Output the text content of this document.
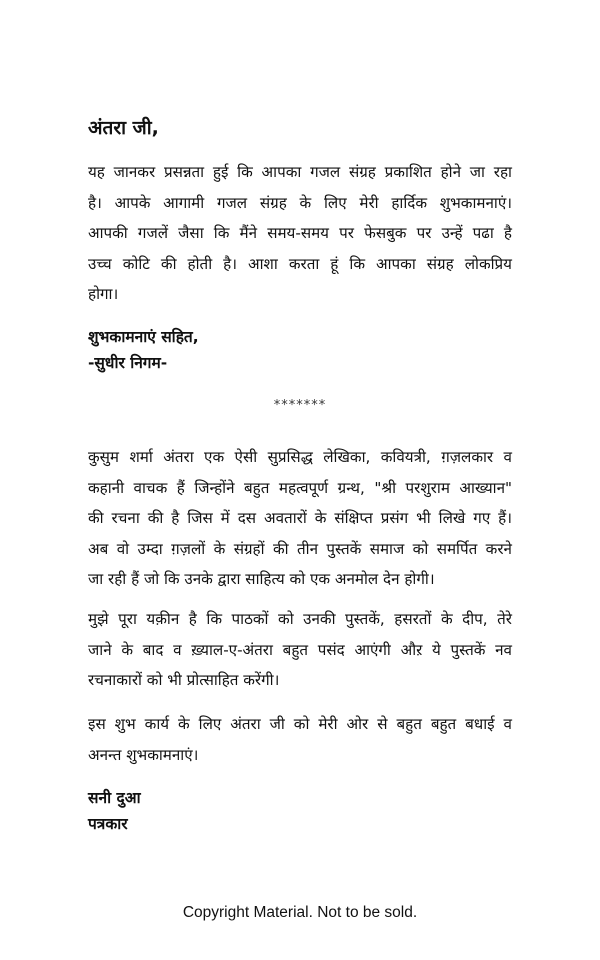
अंतरा जी,
यह जानकर प्रसन्नता हुई कि आपका गजल संग्रह प्रकाशित होने जा रहा
है। आपके आगामी गजल संग्रह के लिए मेरी हार्दिक शुभकामनाएं।
आपकी गजलें जैसा कि मैंने समय-समय पर फेसबुक पर उन्हें पढा है
उच्च कोटि की होती है। आशा करता हूं कि आपका संग्रह लोकप्रिय
होगा।
शुभकामनाएं सहित,
-सुधीर निगम-
*******
कुसुम शर्मा अंतरा एक ऐसी सुप्रसिद्ध लेखिका, कवियत्री, ग़ज़लकार व
कहानी वाचक हैं जिन्होंने बहुत महत्वपूर्ण ग्रन्थ, "श्री परशुराम आख्यान"
की रचना की है जिस में दस अवतारों के संक्षिप्त प्रसंग भी लिखे गए हैं।
अब वो उम्दा ग़ज़लों के संग्रहों की तीन पुस्तकें समाज को समर्पित करने
जा रही हैं जो कि उनके द्वारा साहित्य को एक अनमोल देन होगी।
मुझे पूरा यक़ीन है कि पाठकों को उनकी पुस्तकें, हसरतों के दीप, तेरे
जाने के बाद व ख़्याल-ए-अंतरा बहुत पसंद आएंगी औऱ ये पुस्तकें नव
रचनाकारों को भी प्रोत्साहित करेंगी।
इस शुभ कार्य के लिए अंतरा जी को मेरी ओर से बहुत बहुत बधाई व
अनन्त शुभकामनाएं।
सनी दुआ
पत्रकार
Copyright Material. Not to be sold.
